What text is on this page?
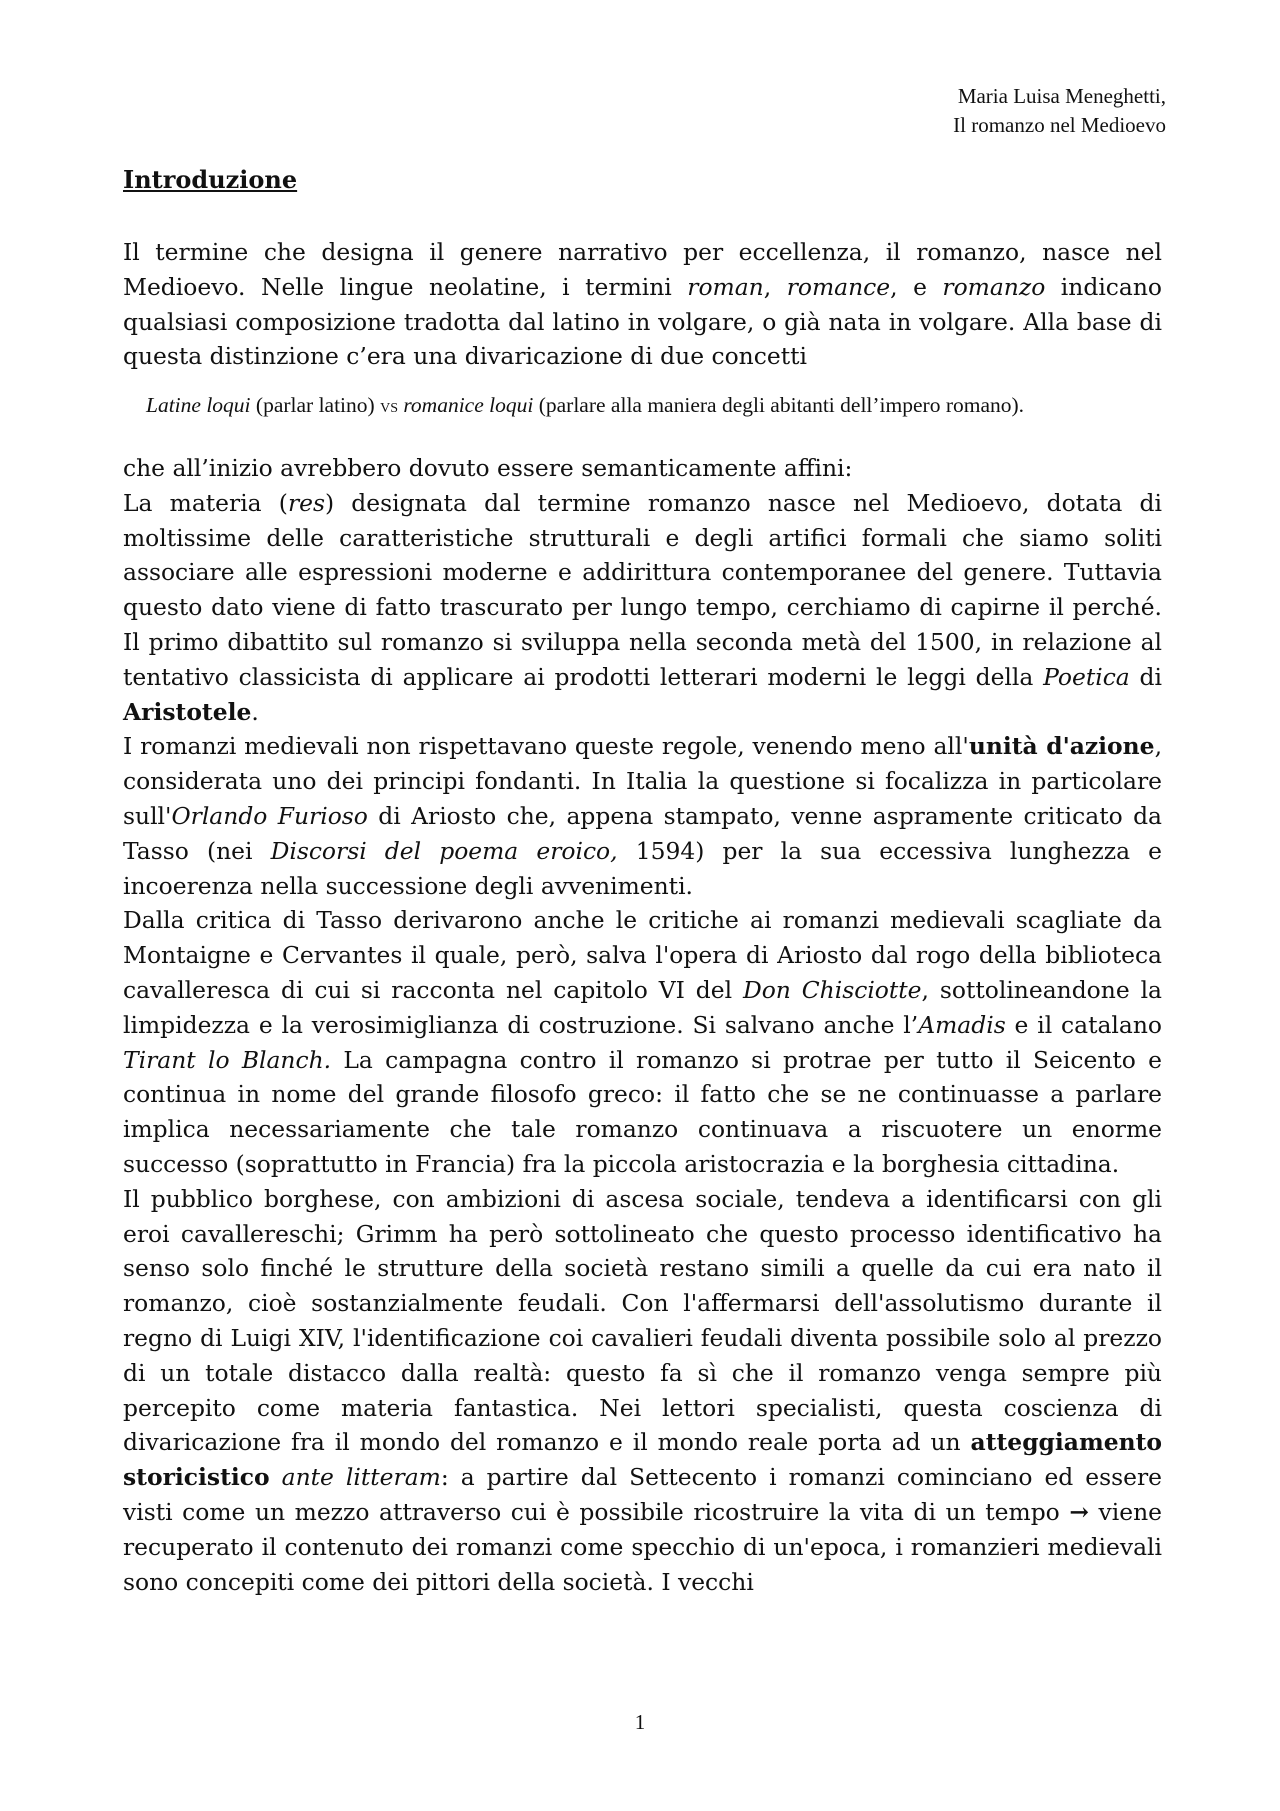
Maria Luisa Meneghetti,
Il romanzo nel Medioevo
Introduzione

Il termine che designa il genere narrativo per eccellenza, il romanzo, nasce nel Medioevo. Nelle lingue neolatine, i termini roman, romance, e romanzo indicano qualsiasi composizione tradotta dal latino in volgare, o già nata in volgare. Alla base di questa distinzione c’era una divaricazione di due concetti

Latine loqui (parlar latino) VS romanice loqui (parlare alla maniera degli abitanti dell’impero romano).

che all’inizio avrebbero dovuto essere semanticamente affini:

La materia (res) designata dal termine romanzo nasce nel Medioevo, dotata di moltissime delle caratteristiche strutturali e degli artifici formali che siamo soliti associare alle espressioni moderne e addirittura contemporanee del genere. Tuttavia questo dato viene di fatto trascurato per lungo tempo, cerchiamo di capirne il perché. Il primo dibattito sul romanzo si sviluppa nella seconda metà del 1500, in relazione al tentativo classicista di applicare ai prodotti letterari moderni le leggi della Poetica di Aristotele.

I romanzi medievali non rispettavano queste regole, venendo meno all'unità d'azione, considerata uno dei principi fondanti. In Italia la questione si focalizza in particolare sull'Orlando Furioso di Ariosto che, appena stampato, venne aspramente criticato da Tasso (nei Discorsi del poema eroico, 1594) per la sua eccessiva lunghezza e incoerenza nella successione degli avvenimenti.

Dalla critica di Tasso derivarono anche le critiche ai romanzi medievali scagliate da Montaigne e Cervantes il quale, però, salva l'opera di Ariosto dal rogo della biblioteca cavalleresca di cui si racconta nel capitolo VI del Don Chisciotte, sottolineandone la limpidezza e la verosimiglianza di costruzione. Si salvano anche l’Amadis e il catalano Tirant lo Blanch. La campagna contro il romanzo si protrae per tutto il Seicento e continua in nome del grande filosofo greco: il fatto che se ne continuasse a parlare implica necessariamente che tale romanzo continuava a riscuotere un enorme successo (soprattutto in Francia) fra la piccola aristocrazia e la borghesia cittadina.

Il pubblico borghese, con ambizioni di ascesa sociale, tendeva a identificarsi con gli eroi cavallereschi; Grimm ha però sottolineato che questo processo identificativo ha senso solo finché le strutture della società restano simili a quelle da cui era nato il romanzo, cioè sostanzialmente feudali. Con l'affermarsi dell'assolutismo durante il regno di Luigi XIV, l'identificazione coi cavalieri feudali diventa possibile solo al prezzo di un totale distacco dalla realtà: questo fa sì che il romanzo venga sempre più percepito come materia fantastica. Nei lettori specialisti, questa coscienza di divaricazione fra il mondo del romanzo e il mondo reale porta ad un atteggiamento storicistico ante litteram: a partire dal Settecento i romanzi cominciano ed essere visti come un mezzo attraverso cui è possibile ricostruire la vita di un tempo → viene recuperato il contenuto dei romanzi come specchio di un'epoca, i romanzieri medievali sono concepiti come dei pittori della società. I vecchi

1
